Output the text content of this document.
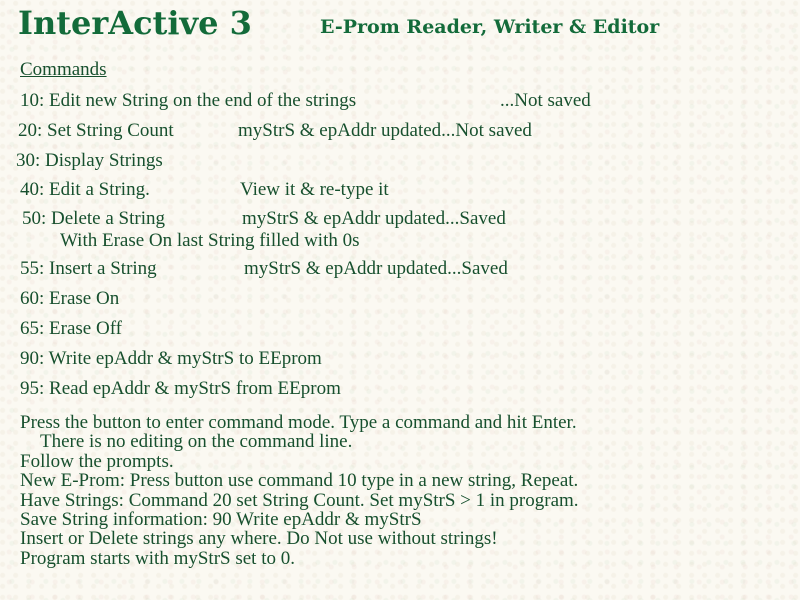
InterActive 3	E-Prom Reader, Writer & Editor
Commands
10: Edit new String on the end of the strings	...Not saved
20: Set String Count	myStrS & epAddr updated...Not saved
30: Display Strings
40: Edit a String.	View it & re-type it
50: Delete a String	myStrS & epAddr updated...Saved
With Erase On last String filled with 0s
55: Insert a String	myStrS & epAddr updated...Saved
60: Erase On
65: Erase Off
90: Write epAddr & myStrS to EEprom
95: Read epAddr & myStrS from EEprom
Press the button to enter command mode. Type a command and hit Enter.
There is no editing on the command line.
Follow the prompts.
New E-Prom: Press button use command 10 type in a new string, Repeat.
Have Strings: Command 20 set String Count. Set myStrS > 1 in program.
Save String information: 90 Write epAddr & myStrS
Insert or Delete strings any where. Do Not use without strings!
Program starts with myStrS set to 0.
